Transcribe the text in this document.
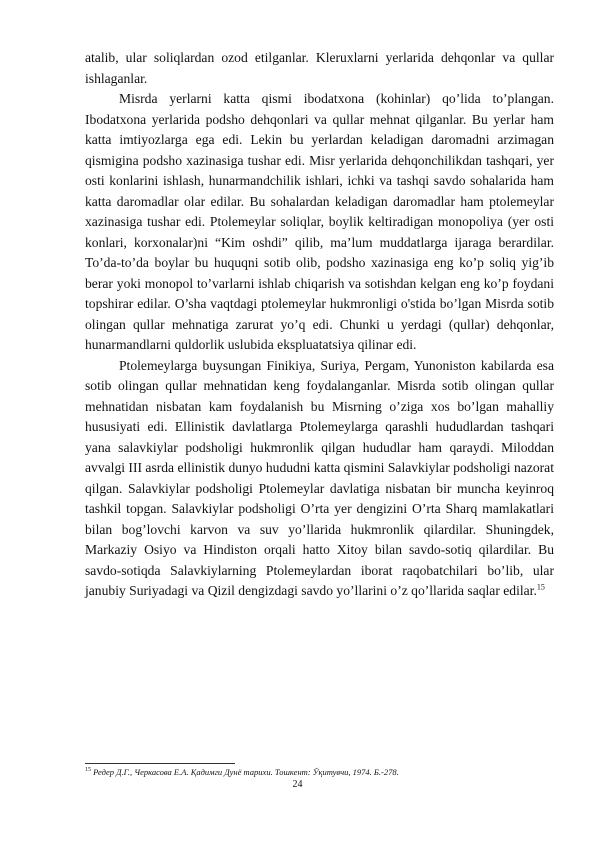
atalib, ular soliqlardan ozod etilganlar. Kleruxlarni yerlarida dehqonlar va qullar ishlaganlar.

Misrda yerlarni katta qismi ibodatxona (kohinlar) qo’lida to’plangan. Ibodatxona yerlarida podsho dehqonlari va qullar mehnat qilganlar. Bu yerlar ham katta imtiyozlarga ega edi. Lekin bu yerlardan keladigan daromadni arzimagan qismigina podsho xazinasiga tushar edi. Misr yerlarida dehqonchilikdan tashqari, yer osti konlarini ishlash, hunarmandchilik ishlari, ichki va tashqi savdo sohalarida ham katta daromadlar olar edilar. Bu sohalardan keladigan daromadlar ham ptolemeylar xazinasiga tushar edi. Ptolemeylar soliqlar, boylik keltiradigan monopoliya (yer osti konlari, korxonalar)ni “Kim oshdi” qilib, ma’lum muddatlarga ijaraga berardilar. To’da-to’da boylar bu huquqni sotib olib, podsho xazinasiga eng ko’p soliq yig’ib berar yoki monopol to’varlarni ishlab chiqarish va sotishdan kelgan eng ko’p foydani topshirar edilar. O’sha vaqtdagi ptolemeylar hukmronligi o'stida bo’lgan Misrda sotib olingan qullar mehnatiga zarurat yo’q edi. Chunki u yerdagi (qullar) dehqonlar, hunarmandlarni quldorlik uslubida ekspluatatsiya qilinar edi.

Ptolemeylarga buysungan Finikiya, Suriya, Pergam, Yunoniston kabilarda esa sotib olingan qullar mehnatidan keng foydalanganlar. Misrda sotib olingan qullar mehnatidan nisbatan kam foydalanish bu Misrning o’ziga xos bo’lgan mahalliy hususiyati edi. Ellinistik davlatlarga Ptolemeylarga qarashli hududlardan tashqari yana salavkiylar podsholigi hukmronlik qilgan hududlar ham qaraydi. Miloddan avvalgi III asrda ellinistik dunyo hududni katta qismini Salavkiylar podsholigi nazorat qilgan. Salavkiylar podsholigi Ptolemeylar davlatiga nisbatan bir muncha keyinroq tashkil topgan. Salavkiylar podsholigi O’rta yer dengizini O’rta Sharq mamlakatlari bilan bog’lovchi karvon va suv yo’llarida hukmronlik qilardilar. Shuningdek, Markaziy Osiyo va Hindiston orqali hatto Xitoy bilan savdo-sotiq qilardilar. Bu savdo-sotiqda Salavkiylarning Ptolemeylardan iborat raqobatchilari bo’lib, ular janubiy Suriyadagi va Qizil dengizdagi savdo yo’llarini o’z qo’llarida saqlar edilar.$^{15}$

$^{15}$ Редер Д.Г., Черкасова Е.А. Қадимги Дунё тарихи. Тошкент: Ўқитувчи, 1974. Б.-278.
24
